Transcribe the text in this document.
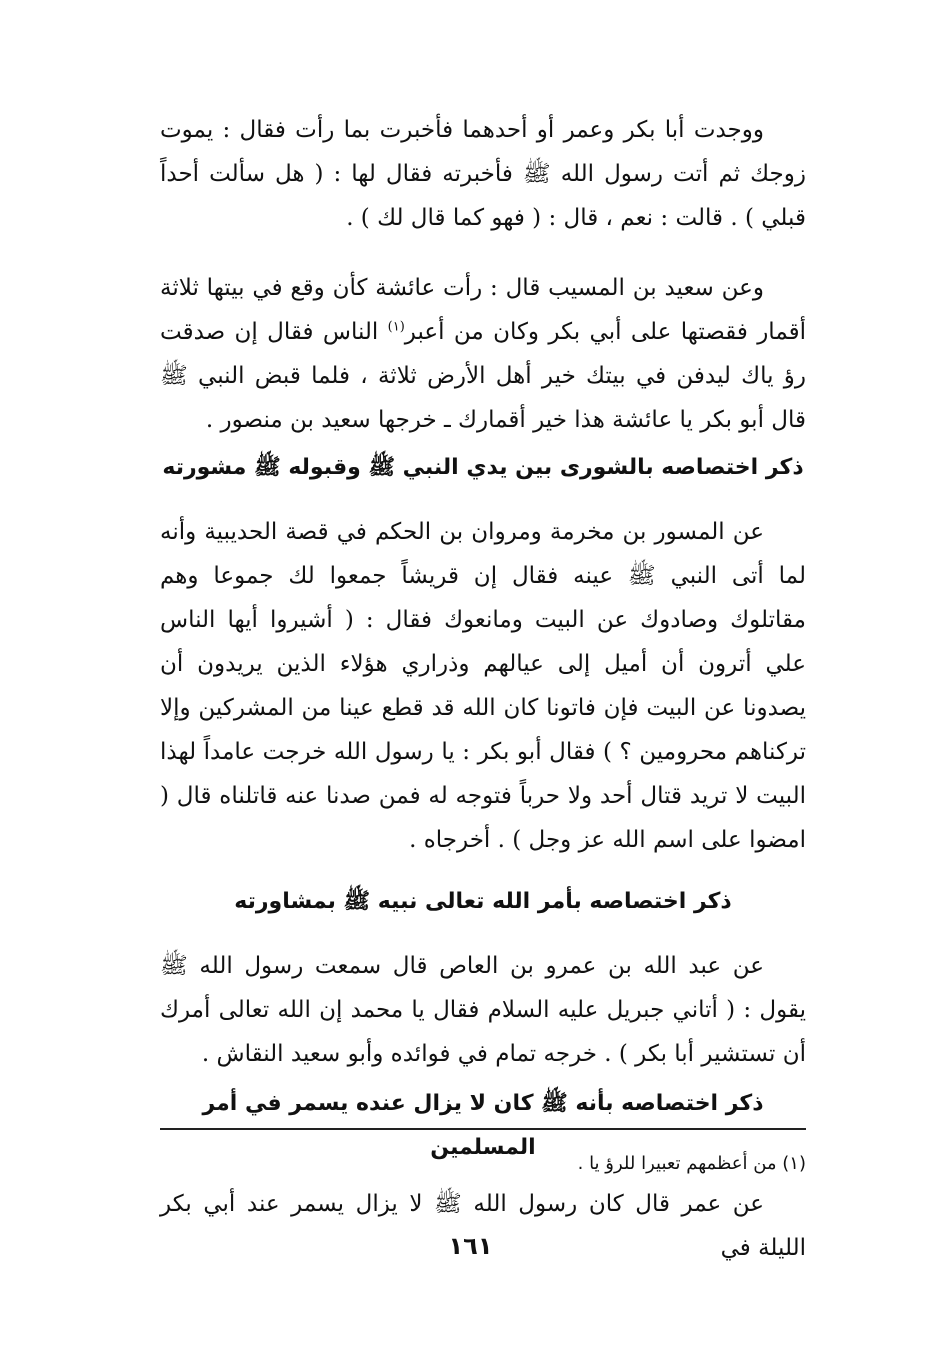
ووجدت أبا بكر وعمر أو أحدهما فأخبرت بما رأت فقال : يموت زوجك ثم أتت رسول الله ﷺ فأخبرته فقال لها : ( هل سألت أحداً قبلي ) . قالت : نعم ، قال : ( فهو كما قال لك ) .

وعن سعيد بن المسيب قال : رأت عائشة كأن وقع في بيتها ثلاثة أقمار فقصتها على أبي بكر وكان من أعبر$^{(١)}$ الناس فقال إن صدقت رؤ ياك ليدفن في بيتك خير أهل الأرض ثلاثة ، فلما قبض النبي ﷺ قال أبو بكر يا عائشة هذا خير أقمارك ـ خرجها سعيد بن منصور .

ذكر اختصاصه بالشورى بين يدي النبي ﷺ وقبوله ﷺ مشورته

عن المسور بن مخرمة ومروان بن الحكم في قصة الحديبية وأنه لما أتى النبي ﷺ عينه فقال إن قريشاً جمعوا لك جموعا وهم مقاتلوك وصادوك عن البيت ومانعوك فقال : ( أشيروا أيها الناس علي أترون أن أميل إلى عيالهم وذراري هؤلاء الذين يريدون أن يصدونا عن البيت فإن فاتونا كان الله قد قطع عينا من المشركين وإلا تركناهم محرومين ؟ ) فقال أبو بكر : يا رسول الله خرجت عامداً لهذا البيت لا تريد قتال أحد ولا حرباً فتوجه له فمن صدنا عنه قاتلناه قال ( امضوا على اسم الله عز وجل ) . أخرجاه .

ذكر اختصاصه بأمر الله تعالى نبيه ﷺ بمشاورته

عن عبد الله بن عمرو بن العاص قال سمعت رسول الله ﷺ يقول : ( أتاني جبريل عليه السلام فقال يا محمد إن الله تعالى أمرك أن تستشير أبا بكر ) . خرجه تمام في فوائده وأبو سعيد النقاش .

ذكر اختصاصه بأنه ﷺ كان لا يزال عنده يسمر في أمر المسلمين

عن عمر قال كان رسول الله ﷺ لا يزال يسمر عند أبي بكر الليلة في

(١) من أعظمهم تعبيرا للرؤ يا .
١٦١
